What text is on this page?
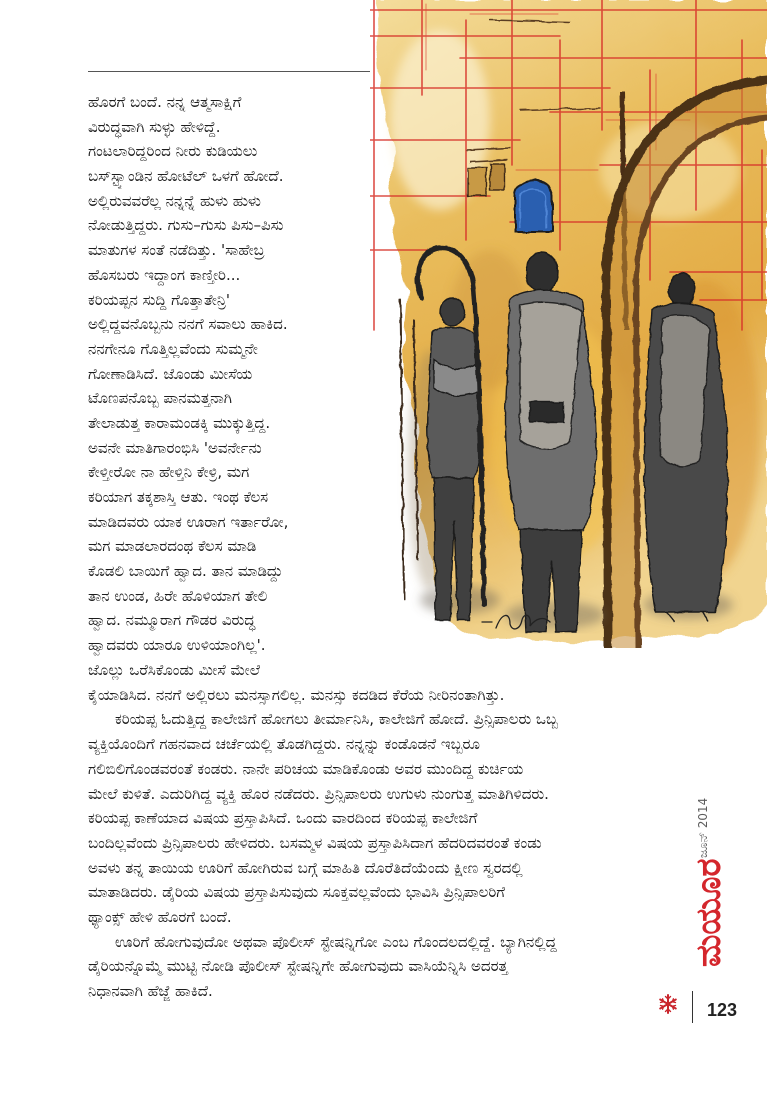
ಹೊರಗೆ ಬಂದೆ. ನನ್ನ ಆತ್ಮಸಾಕ್ಷಿಗೆ
ವಿರುದ್ಧವಾಗಿ ಸುಳ್ಳು ಹೇಳಿದ್ದೆ.
ಗಂಟಲಾರಿದ್ದರಿಂದ ನೀರು ಕುಡಿಯಲು
ಬಸ್‌ಸ್ಟ್ಯಾಂಡಿನ ಹೋಟೆಲ್ ಒಳಗೆ ಹೋದೆ.
ಅಲ್ಲಿರುವವರೆಲ್ಲ ನನ್ನನ್ನೆ ಹುಳು ಹುಳು
ನೋಡುತ್ತಿದ್ದರು. ಗುಸು–ಗುಸು ಪಿಸು–ಪಿಸು
ಮಾತುಗಳ ಸಂತೆ ನಡೆದಿತ್ತು. 'ಸಾಹೇಬ್ರ
ಹೊಸಬರು ಇದ್ದಾಂಗ ಕಾಣ್ತೀರಿ...
ಕರಿಯಪ್ಪನ ಸುದ್ದಿ ಗೊತ್ತಾತೇನ್ರಿ'
ಅಲ್ಲಿದ್ದವನೊಬ್ಬನು ನನಗೆ ಸವಾಲು ಹಾಕಿದ.
ನನಗೇನೂ ಗೊತ್ತಿಲ್ಲವೆಂದು ಸುಮ್ಮನೇ
ಗೋಣಾಡಿಸಿದೆ. ಜೊಂಡು ಮೀಸೆಯ
ಟೊಣಪನೊಬ್ಬ ಪಾನಮತ್ತನಾಗಿ
ತೇಲಾಡುತ್ತ ಕಾರಾಮಂಡಕ್ಕಿ ಮುಕ್ಕುತ್ತಿದ್ದ.
ಅವನೇ ಮಾತಿಗಾರಂಭಿಸಿ 'ಅವರ್ನೇನು
ಕೇಳ್ತೀರೋ ನಾ ಹೇಳ್ತಿನಿ ಕೇಳ್ರಿ, ಮಗ
ಕರಿಯಾಗ ತಕ್ಕಶಾಸ್ತಿ ಆತು. ಇಂಥ ಕೆಲಸ
ಮಾಡಿದವರು ಯಾಕ ಊರಾಗ ಇರ್ತಾರೋ,
ಮಗ ಮಾಡಲಾರದಂಥ ಕೆಲಸ ಮಾಡಿ
ಕೊಡಲಿ ಬಾಯಿಗೆ ಹ್ವಾದ. ತಾನ ಮಾಡಿದ್ದು
ತಾನ ಉಂಡ, ಹಿರೇ ಹೊಳಿಯಾಗ ತೇಲಿ
ಹ್ವಾದ. ನಮ್ಮೂರಾಗ ಗೌಡರ ವಿರುದ್ಧ
ಹ್ವಾದವರು ಯಾರೂ ಉಳಿಯಾಂಗಿಲ್ಲ'.
ಜೊಲ್ಲು ಒರೆಸಿಕೊಂಡು ಮೀಸೆ ಮೇಲೆ
ಕೈಯಾಡಿಸಿದ. ನನಗೆ ಅಲ್ಲಿರಲು ಮನಸ್ಸಾಗಲಿಲ್ಲ. ಮನಸ್ಸು ಕದಡಿದ ಕೆರೆಯ ನೀರಿನಂತಾಗಿತ್ತು.
ಕರಿಯಪ್ಪ ಓದುತ್ತಿದ್ದ ಕಾಲೇಜಿಗೆ ಹೋಗಲು ತೀರ್ಮಾನಿಸಿ, ಕಾಲೇಜಿಗೆ ಹೋದೆ. ಪ್ರಿನ್ಸಿಪಾಲರು ಒಬ್ಬ
ವ್ಯಕ್ತಿಯೊಂದಿಗೆ ಗಹನವಾದ ಚರ್ಚೆಯಲ್ಲಿ ತೊಡಗಿದ್ದರು. ನನ್ನನ್ನು ಕಂಡೊಡನೆ ಇಬ್ಬರೂ
ಗಲಿಬಿಲಿಗೊಂಡವರಂತೆ ಕಂಡರು. ನಾನೇ ಪರಿಚಯ ಮಾಡಿಕೊಂಡು ಅವರ ಮುಂದಿದ್ದ ಕುರ್ಚಿಯ
ಮೇಲೆ ಕುಳಿತೆ. ಎದುರಿಗಿದ್ದ ವ್ಯಕ್ತಿ ಹೊರ ನಡೆದರು. ಪ್ರಿನ್ಸಿಪಾಲರು ಉಗುಳು ನುಂಗುತ್ತ ಮಾತಿಗಿಳಿದರು.
ಕರಿಯಪ್ಪ ಕಾಣೆಯಾದ ವಿಷಯ ಪ್ರಸ್ತಾಪಿಸಿದೆ. ಒಂದು ವಾರದಿಂದ ಕರಿಯಪ್ಪ ಕಾಲೇಜಿಗೆ
ಬಂದಿಲ್ಲವೆಂದು ಪ್ರಿನ್ಸಿಪಾಲರು ಹೇಳಿದರು. ಬಸಮ್ಮಳ ವಿಷಯ ಪ್ರಸ್ತಾಪಿಸಿದಾಗ ಹೆದರಿದವರಂತೆ ಕಂಡು
ಅವಳು ತನ್ನ ತಾಯಿಯ ಊರಿಗೆ ಹೋಗಿರುವ ಬಗ್ಗೆ ಮಾಹಿತಿ ದೊರೆತಿದೆಯೆಂದು ಕ್ಷೀಣ ಸ್ವರದಲ್ಲಿ
ಮಾತಾಡಿದರು. ಡೈರಿಯ ವಿಷಯ ಪ್ರಸ್ತಾಪಿಸುವುದು ಸೂಕ್ತವಲ್ಲವೆಂದು ಭಾವಿಸಿ ಪ್ರಿನ್ಸಿಪಾಲರಿಗೆ
ಥ್ಯಾಂಕ್ಸ್ ಹೇಳಿ ಹೊರಗೆ ಬಂದೆ.
ಊರಿಗೆ ಹೋಗುವುದೋ ಅಥವಾ ಪೊಲೀಸ್ ಸ್ಟೇಷನ್ನಿಗೋ ಎಂಬ ಗೊಂದಲದಲ್ಲಿದ್ದೆ. ಬ್ಯಾಗಿನಲ್ಲಿದ್ದ
ಡೈರಿಯನ್ನೊಮ್ಮೆ ಮುಟ್ಟಿ ನೋಡಿ ಪೊಲೀಸ್ ಸ್ಟೇಷನ್ನಿಗೇ ಹೋಗುವುದು ವಾಸಿಯೆನ್ನಿಸಿ ಅದರತ್ತ
ನಿಧಾನವಾಗಿ ಹೆಜ್ಜೆ ಹಾಕಿದೆ.
ಜೂನ್ 2014
ಮಯೂರ
123
